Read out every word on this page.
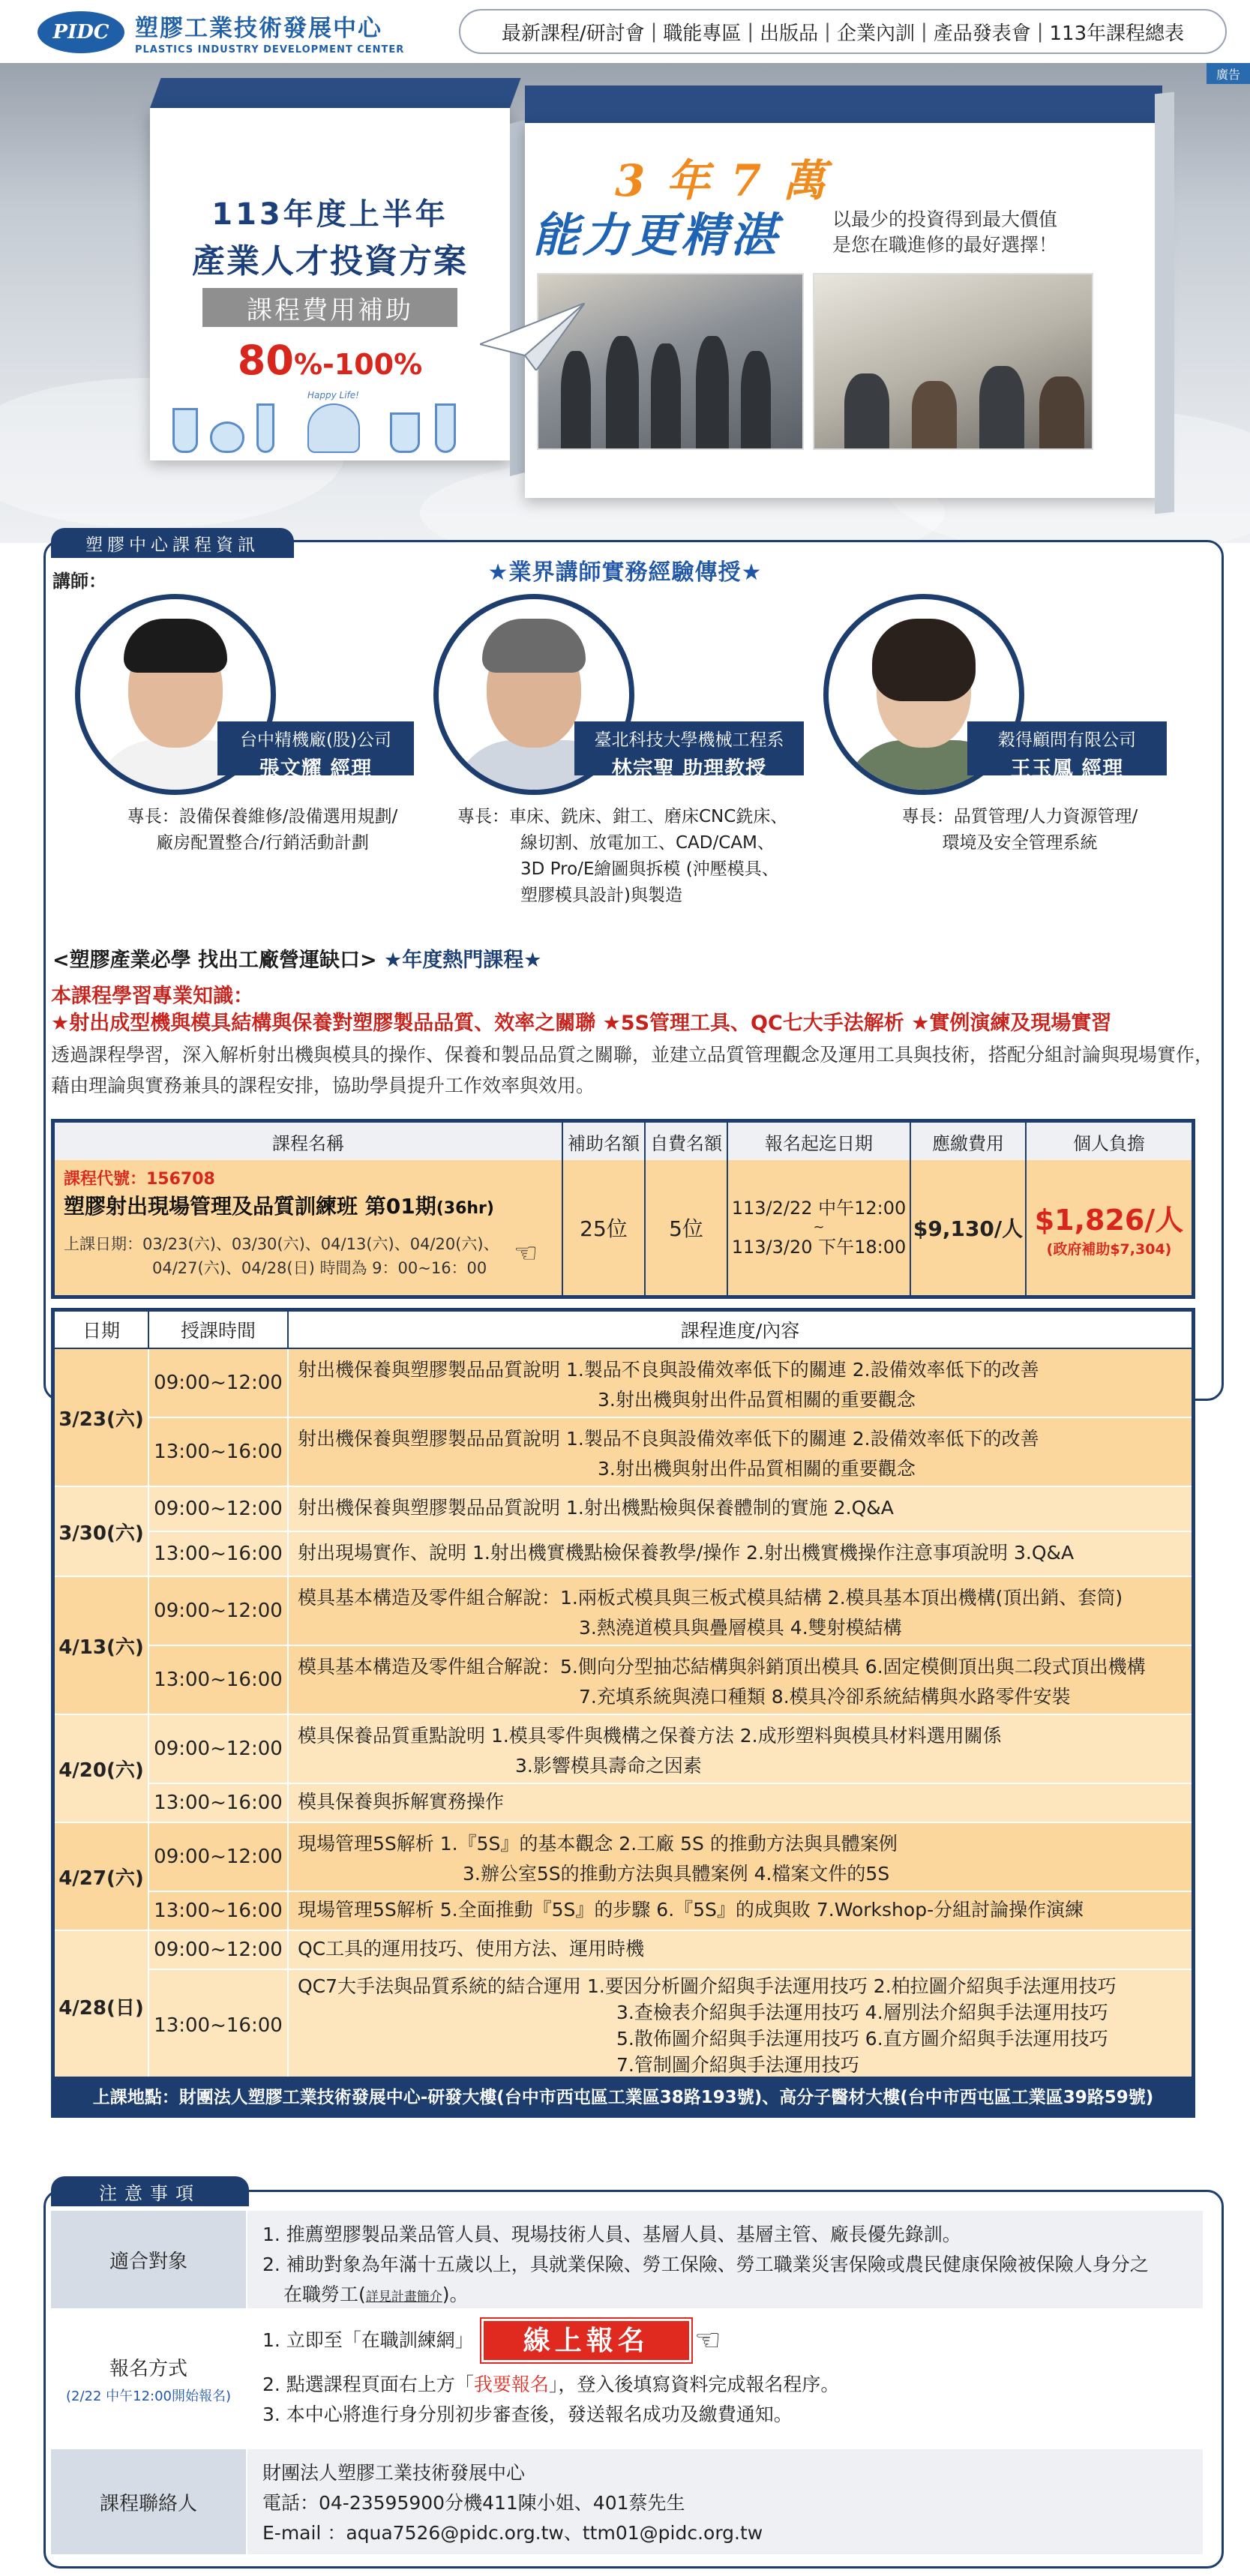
PIDC	塑膠工業技術發展中心
PLASTICS INDUSTRY DEVELOPMENT CENTER
最新課程/研討會 | 職能專區 | 出版品 | 企業內訓 | 產品發表會 | 113年課程總表
廣告
113年度上半年
產業人才投資方案
課程費用補助
80%-100%
Happy Life!
3 年 7 萬
能力更精湛	以最少的投資得到最大價值
是您在職進修的最好選擇！
塑膠中心課程資訊
講師：	★業界講師實務經驗傳授★
台中精機廠(股)公司
張文耀 經理
專長：設備保養維修/設備選用規劃/
廠房配置整合/行銷活動計劃
臺北科技大學機械工程系
林宗聖 助理教授
專長：車床、銑床、鉗工、磨床CNC銑床、
線切割、放電加工、CAD/CAM、
3D Pro/E繪圖與拆模 (沖壓模具、
塑膠模具設計)與製造
穀得顧問有限公司
王玉鳳 經理
專長：品質管理/人力資源管理/
環境及安全管理系統
<塑膠產業必學 找出工廠營運缺口> ★年度熱門課程★
本課程學習專業知識：
★射出成型機與模具結構與保養對塑膠製品品質、效率之關聯 ★5S管理工具、QC七大手法解析 ★實例演練及現場實習
透過課程學習，深入解析射出機與模具的操作、保養和製品品質之關聯，並建立品質管理觀念及運用工具與技術，搭配分組討論與現場實作，藉由理論與實務兼具的課程安排，協助學員提升工作效率與效用。
課程名稱	補助名額 自費名額	報名起迄日期	應繳費用	個人負擔
課程代號：156708
塑膠射出現場管理及品質訓練班 第01期(36hr)
上課日期：03/23(六)、03/30(六)、04/13(六)、04/20(六)、
04/27(六)、04/28(日) 時間為 9：00~16：00 ☜
25位	5位
113/2/22 中午12:00
~
113/3/20 下午18:00
$9,130/人 $1,826/人
(政府補助$7,304)
日期	授課時間	課程進度/內容
3/23(六)
09:00~12:00
射出機保養與塑膠製品品質說明 1.製品不良與設備效率低下的關連 2.設備效率低下的改善
3.射出機與射出件品質相關的重要觀念
13:00~16:00
射出機保養與塑膠製品品質說明 1.製品不良與設備效率低下的關連 2.設備效率低下的改善
3.射出機與射出件品質相關的重要觀念
3/30(六)
09:00~12:00 射出機保養與塑膠製品品質說明 1.射出機點檢與保養體制的實施 2.Q&A
13:00~16:00 射出現場實作、說明 1.射出機實機點檢保養教學/操作 2.射出機實機操作注意事項說明 3.Q&A
4/13(六)
09:00~12:00
模具基本構造及零件組合解說：1.兩板式模具與三板式模具結構 2.模具基本頂出機構(頂出銷、套筒)
3.熱澆道模具與疊層模具 4.雙射模結構
13:00~16:00
模具基本構造及零件組合解說：5.側向分型抽芯結構與斜銷頂出模具 6.固定模側頂出與二段式頂出機構
7.充填系統與澆口種類 8.模具冷卻系統結構與水路零件安裝
4/20(六)
09:00~12:00
模具保養品質重點說明 1.模具零件與機構之保養方法 2.成形塑料與模具材料選用關係
3.影響模具壽命之因素
13:00~16:00 模具保養與拆解實務操作
4/27(六)
09:00~12:00
現場管理5S解析 1.『5S』的基本觀念 2.工廠 5S 的推動方法與具體案例
3.辦公室5S的推動方法與具體案例 4.檔案文件的5S
13:00~16:00 現場管理5S解析 5.全面推動『5S』的步驟 6.『5S』的成與敗 7.Workshop-分組討論操作演練
4/28(日)
09:00~12:00 QC工具的運用技巧、使用方法、運用時機
13:00~16:00
QC7大手法與品質系統的結合運用 1.要因分析圖介紹與手法運用技巧 2.柏拉圖介紹與手法運用技巧
3.查檢表介紹與手法運用技巧 4.層別法介紹與手法運用技巧
5.散佈圖介紹與手法運用技巧 6.直方圖介紹與手法運用技巧
7.管制圖介紹與手法運用技巧
上課地點：財團法人塑膠工業技術發展中心-研發大樓(台中市西屯區工業區38路193號)、高分子醫材大樓(台中市西屯區工業區39路59號)
注意事項
適合對象
1. 推薦塑膠製品業品管人員、現場技術人員、基層人員、基層主管、廠長優先錄訓。
2. 補助對象為年滿十五歲以上，具就業保險、勞工保險、勞工職業災害保險或農民健康保險被保險人身分之
在職勞工(詳見計畫簡介)。
報名方式
(2/22 中午12:00開始報名)
1. 立即至「在職訓練網」	線上報名	☜
2. 點選課程頁面右上方「我要報名」，登入後填寫資料完成報名程序。
3. 本中心將進行身分別初步審查後，發送報名成功及繳費通知。
課程聯絡人
財團法人塑膠工業技術發展中心
電話：04-23595900分機411陳小姐、401蔡先生
E-mail ：aqua7526@pidc.org.tw、ttm01@pidc.org.tw
